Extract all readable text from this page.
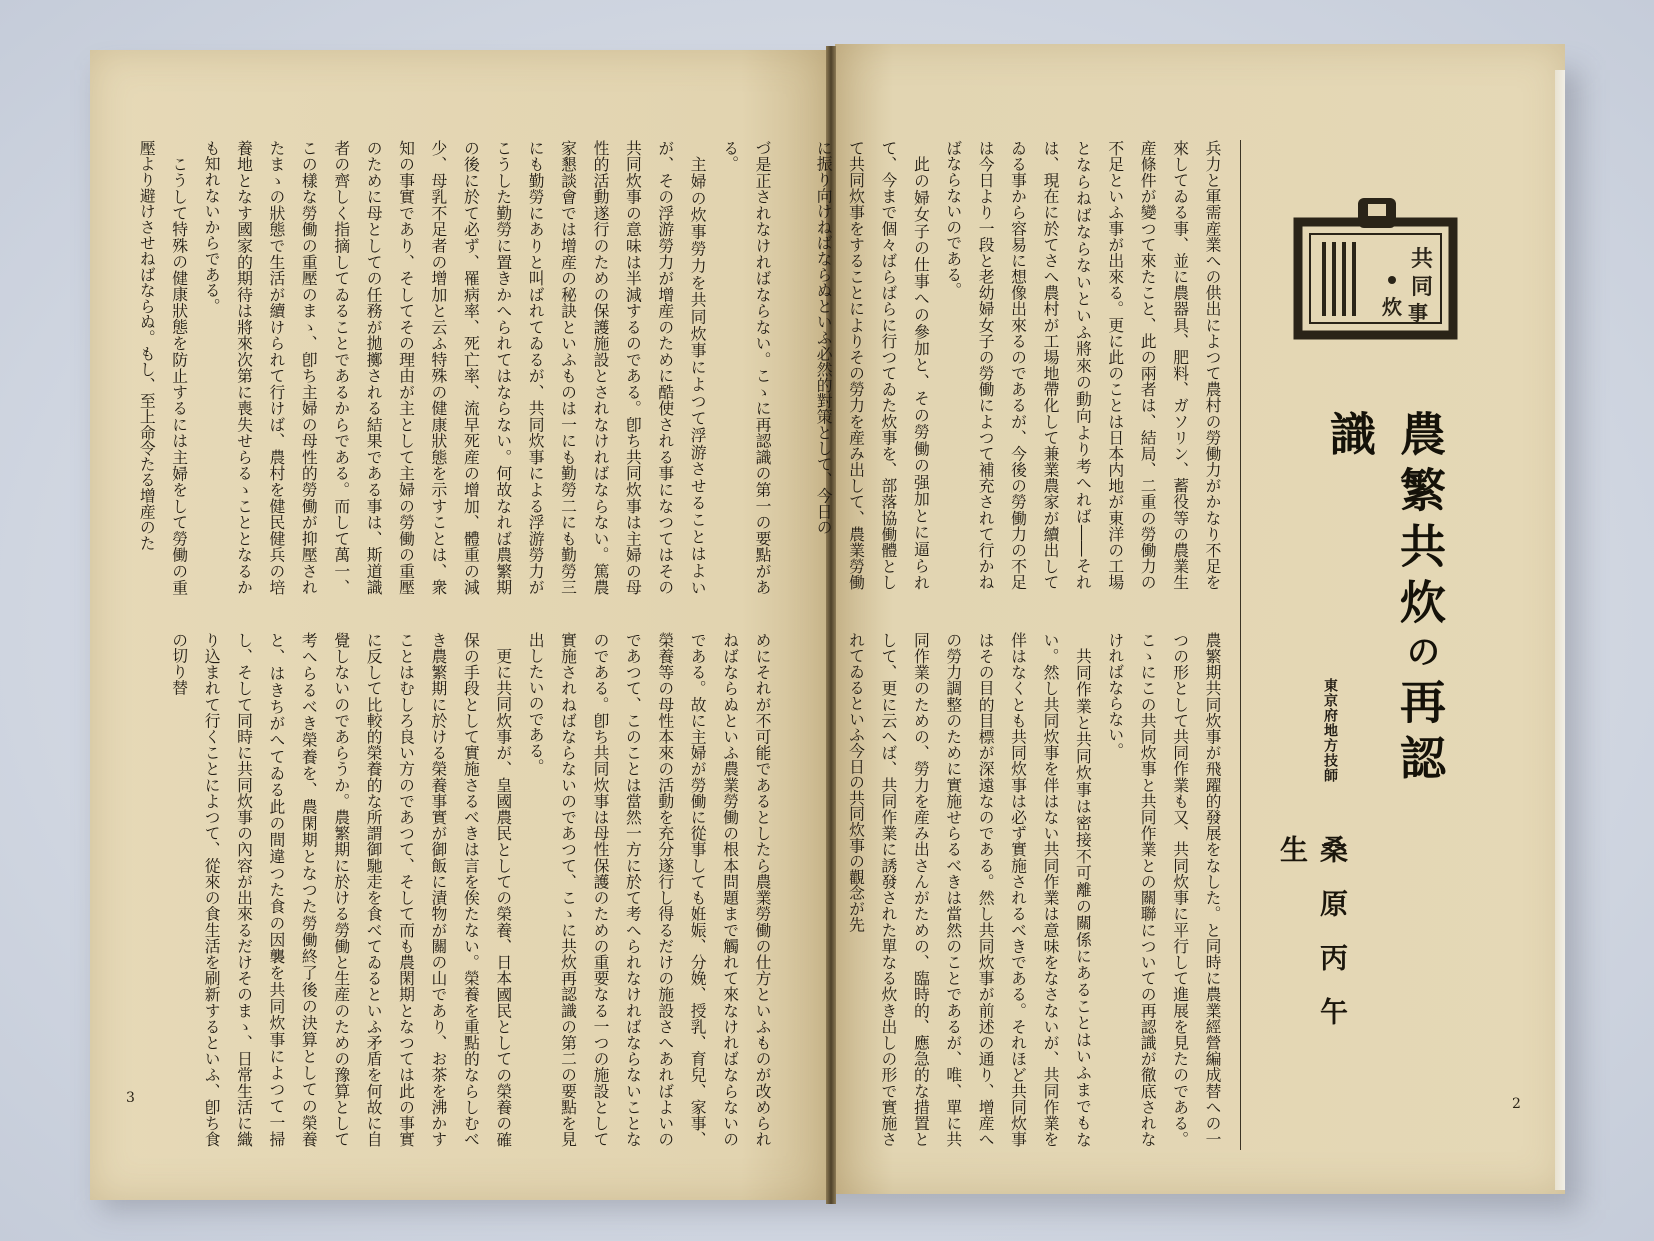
兵力と軍需産業への供出によつて農村の勞働力がかなり不足を來してゐる事、並に農器具、肥料、ガソリン、蓄役等の農業生産條件が變つて來たこと、此の兩者は、結局、二重の勞働力の不足といふ事が出來る。更に此のことは日本内地が東洋の工場とならねばならないといふ將來の動向より考へれば――それは、現在に於てさへ農村が工場地帶化して兼業農家が續出してゐる事から容易に想像出來るのであるが、今後の勞働力の不足は今日より一段と老幼婦女子の勞働によつて補充されて行かねばならないのである。

此の婦女子の仕事への參加と、その勞働の强加とに逼られて、今まで個々ばらばらに行つてゐた炊事を、部落協働體として共同炊事をすることによりその勞力を産み出して、農業勞働に振り向けねばならぬといふ必然的對策として、今日の

農繁期共同炊事が飛躍的發展をなした。と同時に農業經營編成替への一つの形として共同作業も又、共同炊事に平行して進展を見たのである。こゝにこの共同炊事と共同作業との關聯についての再認識が徹底されなければならない。

共同作業と共同炊事は密接不可離の關係にあることはいふまでもない。然し共同炊事を伴はない共同作業は意味をなさないが、共同作業を伴はなくとも共同炊事は必ず實施されるべきである。それほど共同炊事はその目的目標が深遠なのである。然し共同炊事が前述の通り、增産への勞力調整のために實施せらるべきは當然のことであるが、唯、單に共同作業のための、勞力を産み出さんがための、臨時的、應急的な措置として、更に云へば、共同作業に誘發された單なる炊き出しの形で實施されてゐるといふ今日の共同炊事の觀念が先

共
同
炊 事
農繁共炊の再認識
東京府地方技師
桑原丙午生
2

づ是正されなければならない。こゝに再認識の第一の要點がある。

主婦の炊事勞力を共同炊事によつて浮游させることはよいが、その浮游勞力が增産のために酷使される事になつてはその共同炊事の意味は半減するのである。卽ち共同炊事は主婦の母性的活動遂行のための保護施設とされなければならない。篤農家懇談會では增産の秘訣といふものは一にも勤勞二にも勤勞三にも勤勞にありと叫ばれてゐるが、共同炊事による浮游勞力がこうした勤勞に置きかへられてはならない。何故なれば農繁期の後に於て必ず、罹病率、死亡率、流早死産の增加、體重の減少、母乳不足者の增加と云ふ特殊の健康狀態を示すことは、衆知の事實であり、そしてその理由が主として主婦の勞働の重壓のために母としての任務が拋擲される結果である事は、斯道識者の齊しく指摘してゐることであるからである。而して萬一、この樣な勞働の重壓のまゝ、卽ち主婦の母性的勞働が抑壓されたまゝの狀態で生活が續けられて行けば、農村を健民健兵の培養地となす國家的期待は將來次第に喪失せらるゝこととなるかも知れないからである。

こうして特殊の健康狀態を防止するには主婦をして勞働の重壓より避けさせねばならぬ。もし、至上命令たる增産のた

めにそれが不可能であるとしたら農業勞働の仕方といふものが改められねばならぬといふ農業勞働の根本問題まで觸れて來なければならないのである。故に主婦が勞働に從事しても姙娠、分娩、授乳、育兒、家事、榮養等の母性本來の活動を充分遂行し得るだけの施設さへあればよいのであつて、このことは當然一方に於て考へられなければならないことなのである。卽ち共同炊事は母性保護のための重要なる一つの施設として實施されねばならないのであつて、こゝに共炊再認識の第二の要點を見出したいのである。

更に共同炊事が、皇國農民としての榮養、日本國民としての榮養の確保の手段として實施さるべきは言を俟たない。榮養を重點的ならしむべき農繁期に於ける榮養事實が御飯に漬物が關の山であり、お茶を沸かすことはむしろ良い方のであつて、そして而も農閑期となつては此の事實に反して比較的榮養的な所謂御馳走を食べてゐるといふ矛盾を何故に自覺しないのであらうか。農繁期に於ける勞働と生産のための豫算として考へらるべき榮養を、農閑期となつた勞働終了後の決算としての榮養と、はきちがへてゐる此の間違つた食の因襲を共同炊事によつて一掃し、そして同時に共同炊事の內容が出來るだけそのまゝ、日常生活に織り込まれて行くことによつて、從來の食生活を刷新するといふ、卽ち食の切り替

3
